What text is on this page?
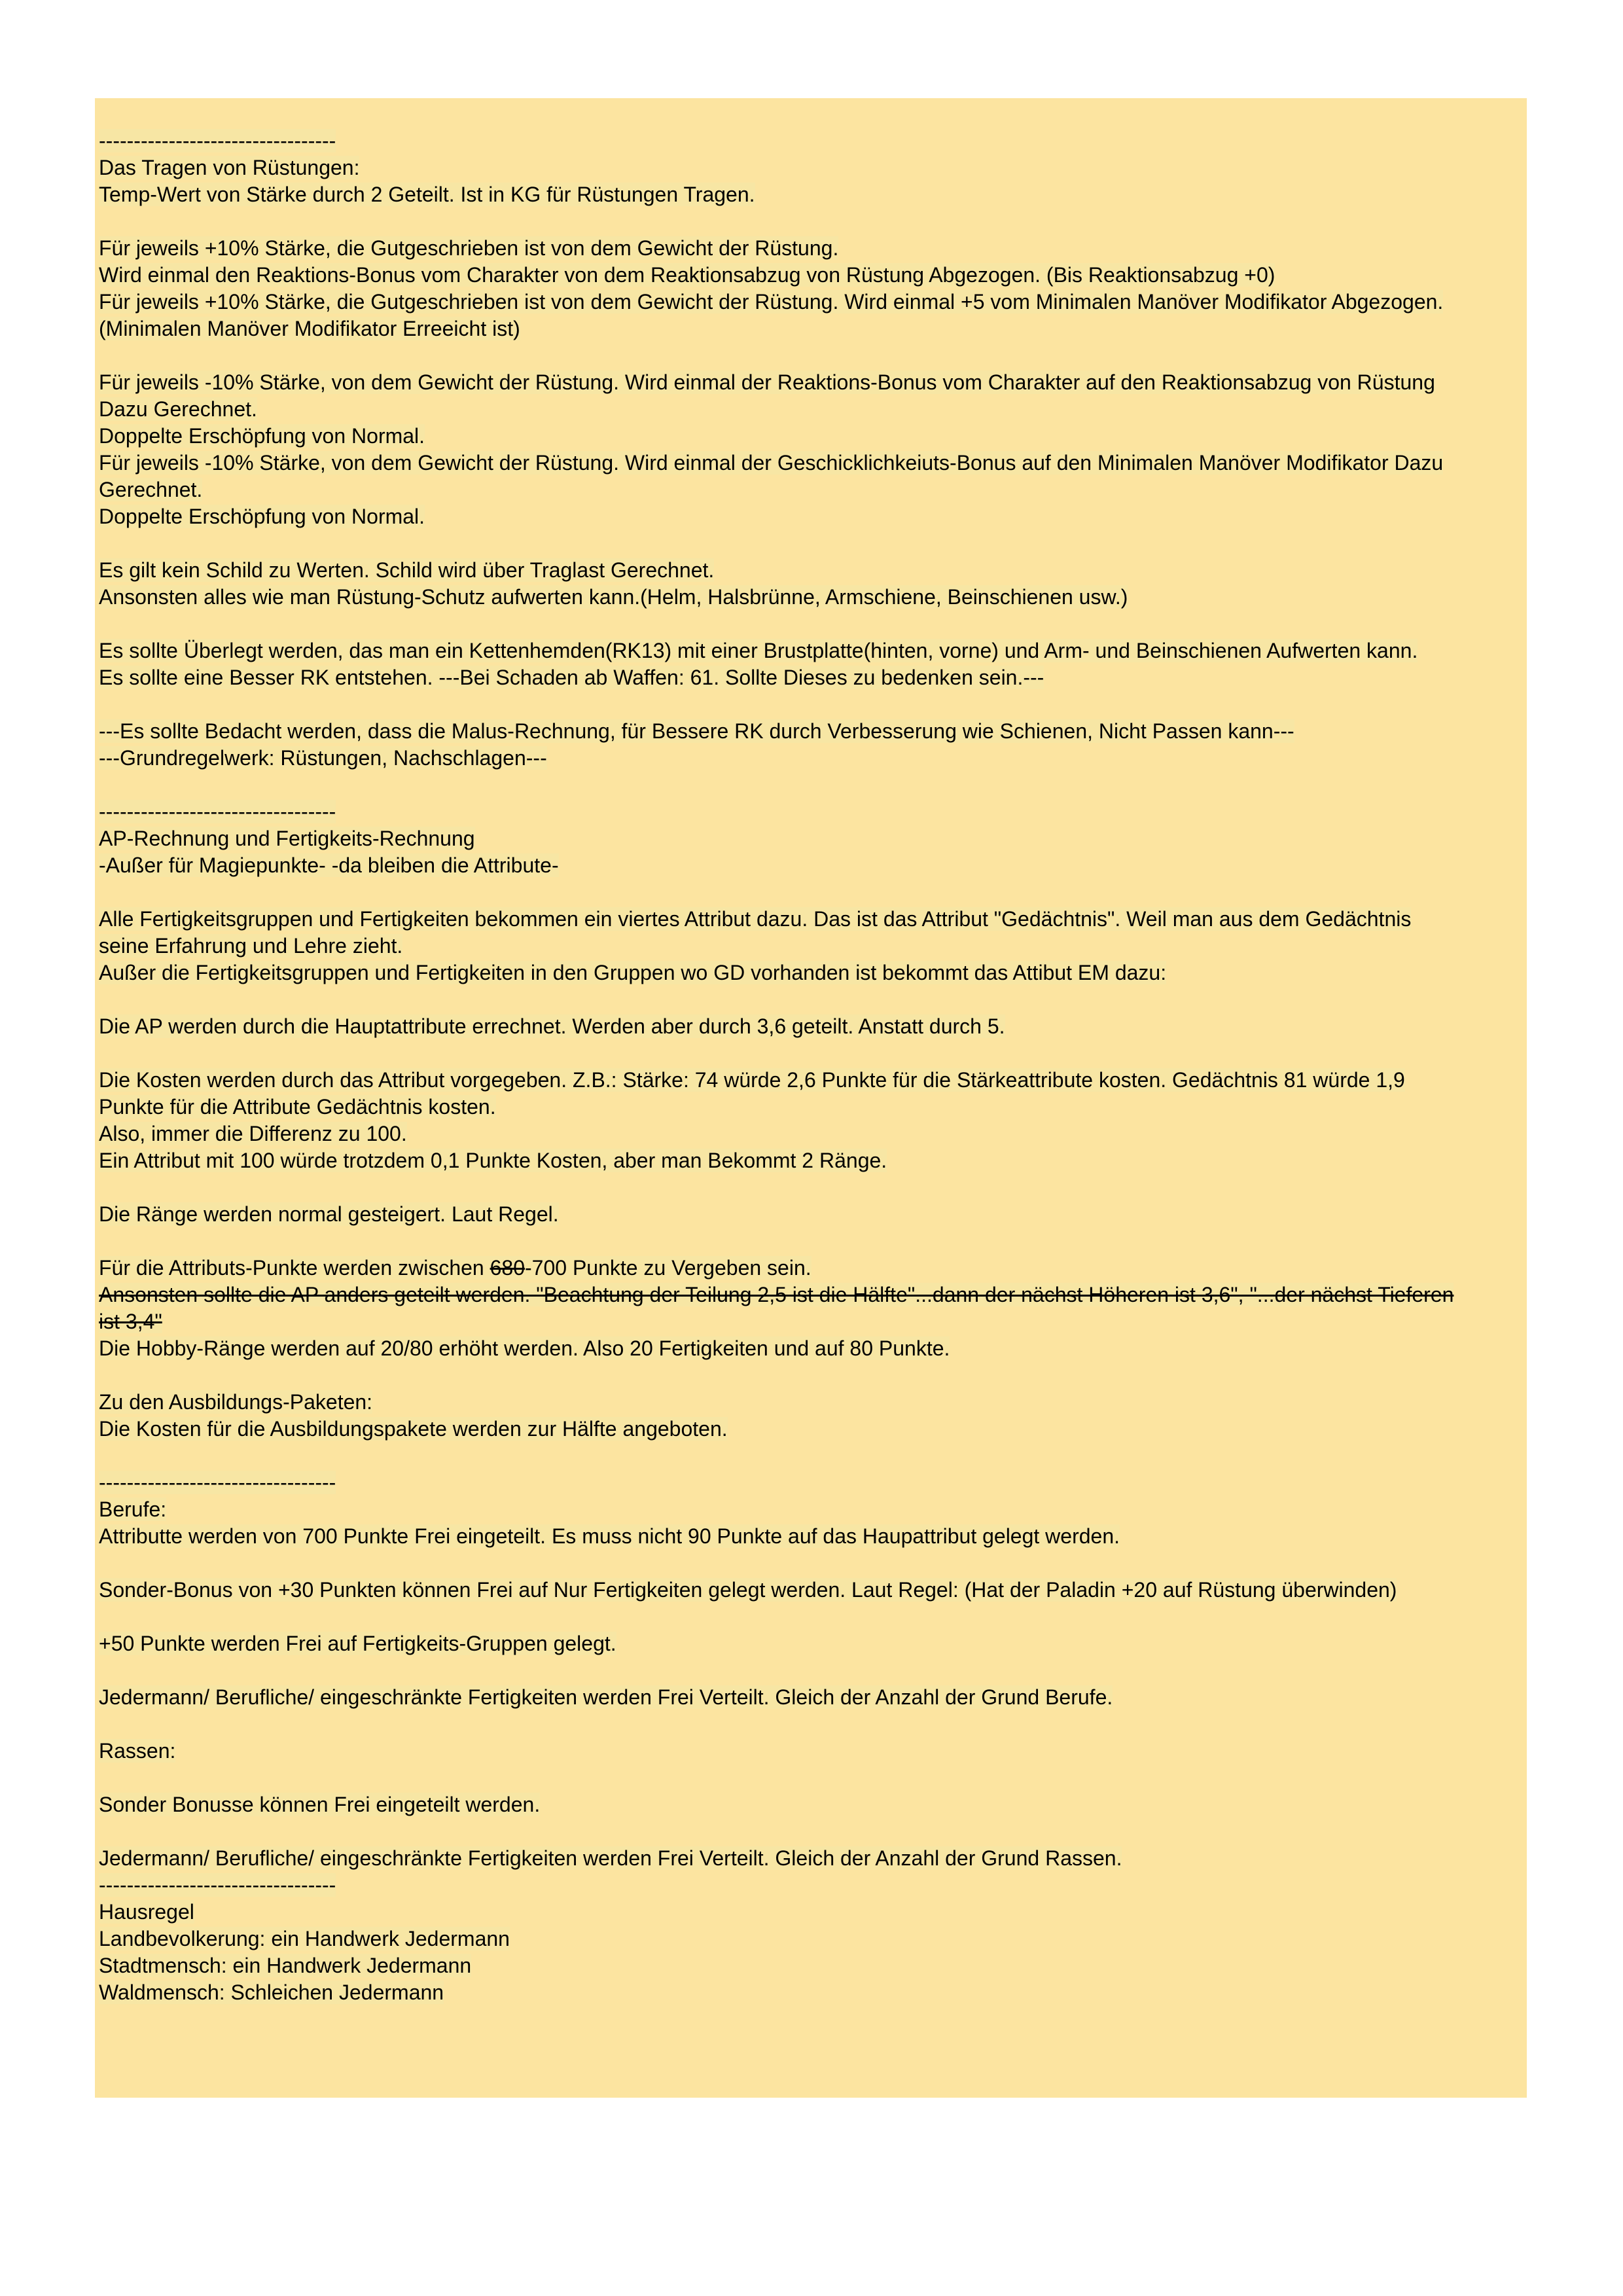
----------------------------------

Das Tragen von Rüstungen:

Temp-Wert von Stärke durch 2 Geteilt. Ist in KG für Rüstungen Tragen.

Für jeweils +10% Stärke, die Gutgeschrieben ist von dem Gewicht der Rüstung.

Wird einmal den Reaktions-Bonus vom Charakter von dem Reaktionsabzug von Rüstung Abgezogen. (Bis Reaktionsabzug +0)

Für jeweils +10% Stärke, die Gutgeschrieben ist von dem Gewicht der Rüstung. Wird einmal +5 vom Minimalen Manöver Modifikator Abgezogen.

(Minimalen Manöver Modifikator Erreeicht ist)

Für jeweils -10% Stärke, von dem Gewicht der Rüstung. Wird einmal der Reaktions-Bonus vom Charakter auf den Reaktionsabzug von Rüstung

Dazu Gerechnet.

Doppelte Erschöpfung von Normal.

Für jeweils -10% Stärke, von dem Gewicht der Rüstung. Wird einmal der Geschicklichkeiuts-Bonus auf den Minimalen Manöver Modifikator Dazu

Gerechnet.

Doppelte Erschöpfung von Normal.

Es gilt kein Schild zu Werten. Schild wird über Traglast Gerechnet.

Ansonsten alles wie man Rüstung-Schutz aufwerten kann.(Helm, Halsbrünne, Armschiene, Beinschienen usw.)

Es sollte Überlegt werden, das man ein Kettenhemden(RK13) mit einer Brustplatte(hinten, vorne) und Arm- und Beinschienen Aufwerten kann.

Es sollte eine Besser RK entstehen. ---Bei Schaden ab Waffen: 61. Sollte Dieses zu bedenken sein.---

---Es sollte Bedacht werden, dass die Malus-Rechnung, für Bessere RK durch Verbesserung wie Schienen, Nicht Passen kann---

---Grundregelwerk: Rüstungen, Nachschlagen---

----------------------------------

AP-Rechnung und Fertigkeits-Rechnung

-Außer für Magiepunkte- -da bleiben die Attribute-

Alle Fertigkeitsgruppen und Fertigkeiten bekommen ein viertes Attribut dazu. Das ist das Attribut "Gedächtnis". Weil man aus dem Gedächtnis

seine Erfahrung und Lehre zieht.

Außer die Fertigkeitsgruppen und Fertigkeiten in den Gruppen wo GD vorhanden ist bekommt das Attibut EM dazu:

Die AP werden durch die Hauptattribute errechnet. Werden aber durch 3,6 geteilt. Anstatt durch 5.

Die Kosten werden durch das Attribut vorgegeben. Z.B.: Stärke: 74 würde 2,6 Punkte für die Stärkeattribute kosten. Gedächtnis 81 würde 1,9

Punkte für die Attribute Gedächtnis kosten.

Also, immer die Differenz zu 100.

Ein Attribut mit 100 würde trotzdem 0,1 Punkte Kosten, aber man Bekommt 2 Ränge.

Die Ränge werden normal gesteigert. Laut Regel.

Für die Attributs-Punkte werden zwischen 680-700 Punkte zu Vergeben sein.

Ansonsten sollte die AP anders geteilt werden. "Beachtung der Teilung 2,5 ist die Hälfte"...dann der nächst Höheren ist 3,6", "...der nächst Tieferen

ist 3,4"

Die Hobby-Ränge werden auf 20/80 erhöht werden. Also 20 Fertigkeiten und auf 80 Punkte.

Zu den Ausbildungs-Paketen:

Die Kosten für die Ausbildungspakete werden zur Hälfte angeboten.

----------------------------------

Berufe:

Attributte werden von 700 Punkte Frei eingeteilt. Es muss nicht 90 Punkte auf das Haupattribut gelegt werden.

Sonder-Bonus von +30 Punkten können Frei auf Nur Fertigkeiten gelegt werden. Laut Regel: (Hat der Paladin +20 auf Rüstung überwinden)

+50 Punkte werden Frei auf Fertigkeits-Gruppen gelegt.

Jedermann/ Berufliche/ eingeschränkte Fertigkeiten werden Frei Verteilt. Gleich der Anzahl der Grund Berufe.

Rassen:

Sonder Bonusse können Frei eingeteilt werden.

Jedermann/ Berufliche/ eingeschränkte Fertigkeiten werden Frei Verteilt. Gleich der Anzahl der Grund Rassen.

----------------------------------

Hausregel

Landbevolkerung: ein Handwerk Jedermann

Stadtmensch: ein Handwerk Jedermann

Waldmensch: Schleichen Jedermann
